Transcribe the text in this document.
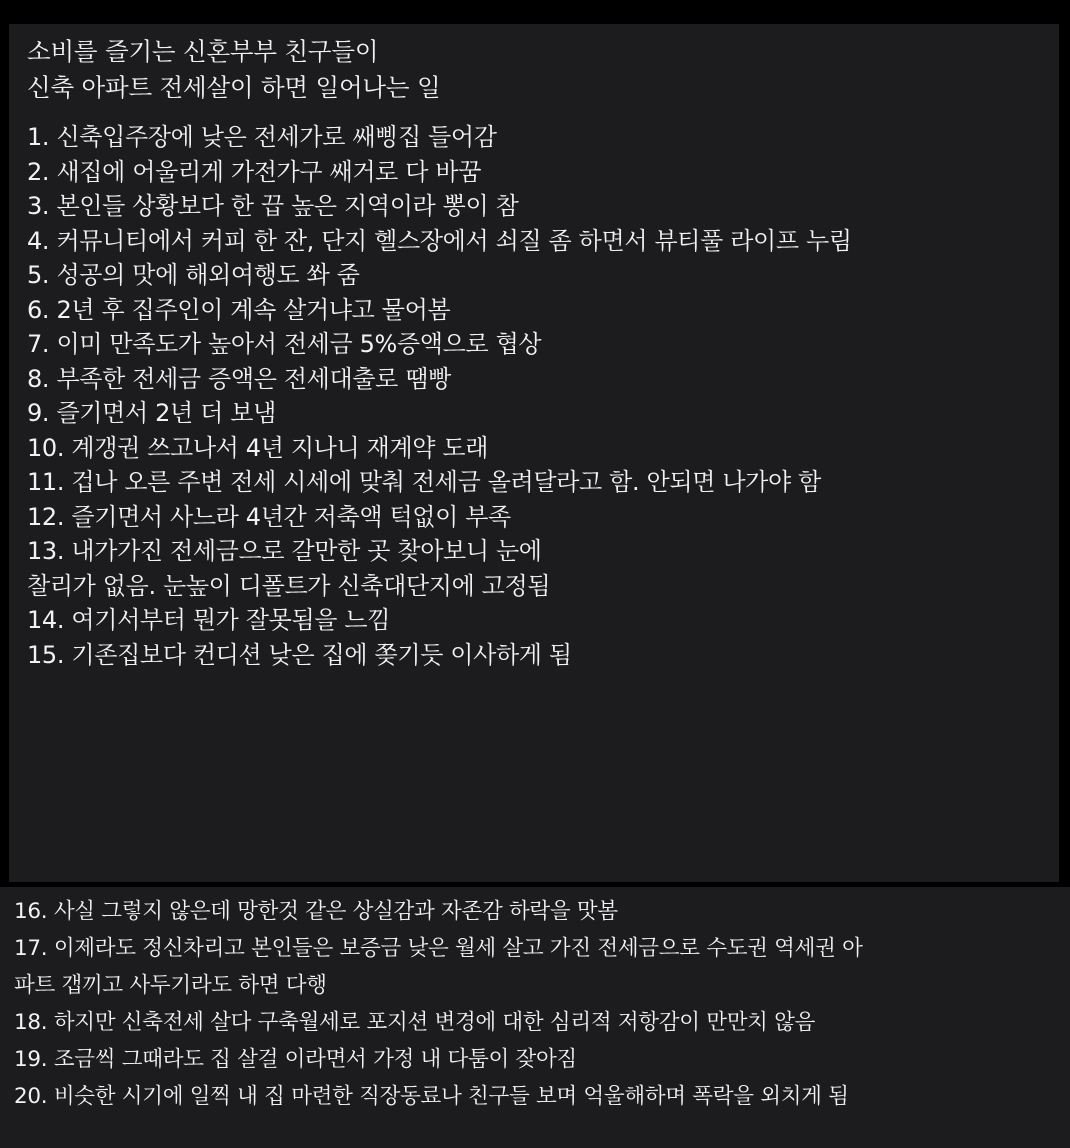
소비를 즐기는 신혼부부 친구들이
신축 아파트 전세살이 하면 일어나는 일
1. 신축입주장에 낮은 전세가로 쌔삥집 들어감
2. 새집에 어울리게 가전가구 쌔거로 다 바꿈
3. 본인들 상황보다 한 끕 높은 지역이라 뽕이 참
4. 커뮤니티에서 커피 한 잔, 단지 헬스장에서 쇠질 좀 하면서 뷰티풀 라이프 누림
5. 성공의 맛에 해외여행도 쏴 줌
6. 2년 후 집주인이 계속 살거냐고 물어봄
7. 이미 만족도가 높아서 전세금 5%증액으로 협상
8. 부족한 전세금 증액은 전세대출로 땜빵
9. 즐기면서 2년 더 보냄
10. 계갱권 쓰고나서 4년 지나니 재계약 도래
11. 겁나 오른 주변 전세 시세에 맞춰 전세금 올려달라고 함. 안되면 나가야 함
12. 즐기면서 사느라 4년간 저축액 턱없이 부족
13. 내가가진 전세금으로 갈만한 곳 찾아보니 눈에
찰리가 없음. 눈높이 디폴트가 신축대단지에 고정됨
14. 여기서부터 뭔가 잘못됨을 느낌
15. 기존집보다 컨디션 낮은 집에 쫒기듯 이사하게 됨
16. 사실 그렇지 않은데 망한것 같은 상실감과 자존감 하락을 맛봄
17. 이제라도 정신차리고 본인들은 보증금 낮은 월세 살고 가진 전세금으로 수도권 역세권 아
파트 갭끼고 사두기라도 하면 다행
18. 하지만 신축전세 살다 구축월세로 포지션 변경에 대한 심리적 저항감이 만만치 않음
19. 조금씩 그때라도 집 살걸 이라면서 가정 내 다툼이 잦아짐
20. 비슷한 시기에 일찍 내 집 마련한 직장동료나 친구들 보며 억울해하며 폭락을 외치게 됨
